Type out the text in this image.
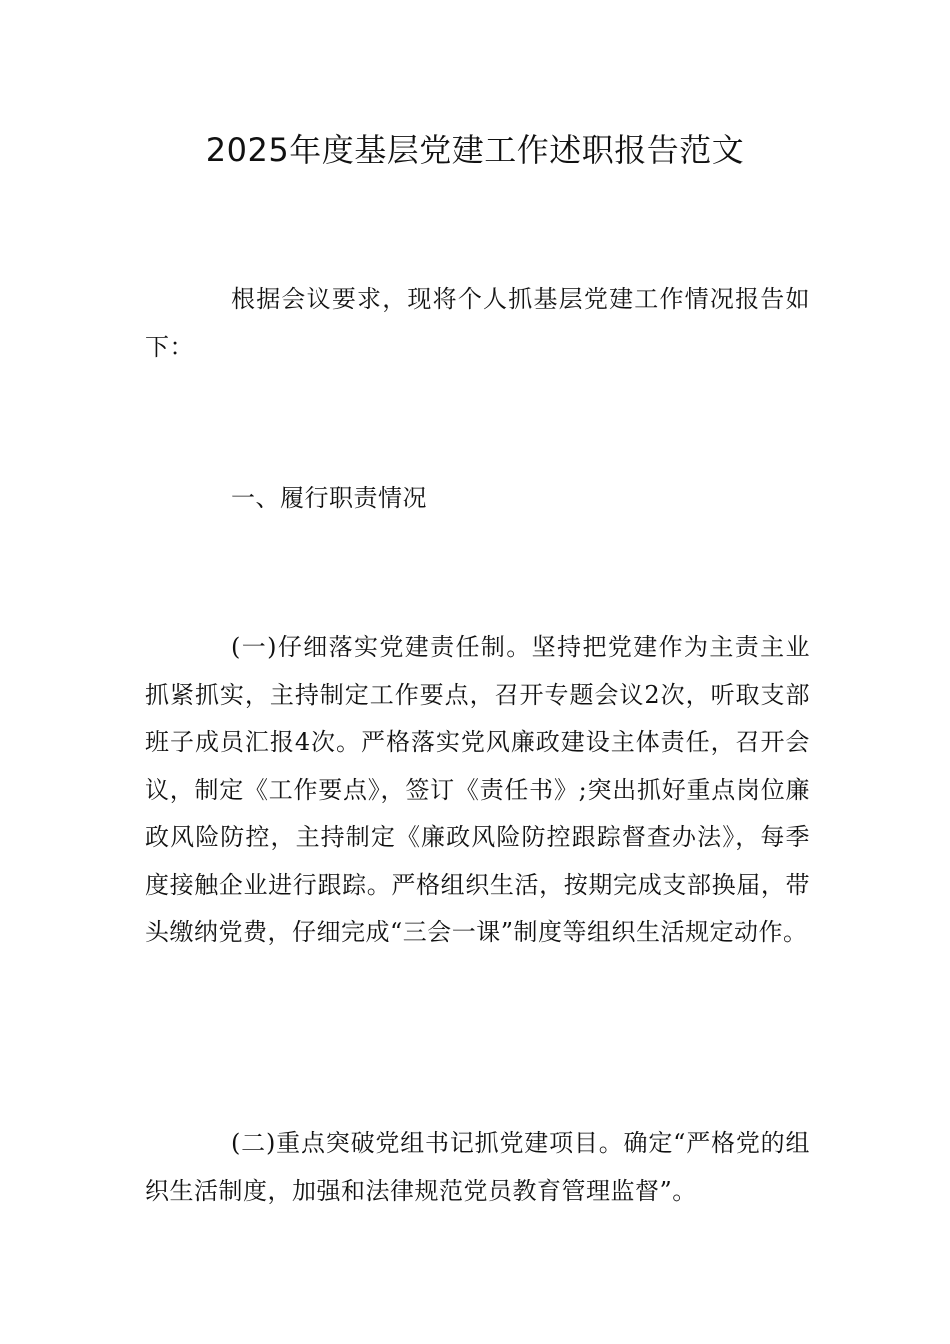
2025年度基层党建工作述职报告范文

根据会议要求，现将个人抓基层党建工作情况报告如下：

一、履行职责情况

(一)仔细落实党建责任制。坚持把党建作为主责主业抓紧抓实，主持制定工作要点，召开专题会议2次，听取支部班子成员汇报4次。严格落实党风廉政建设主体责任，召开会议，制定《工作要点》，签订《责任书》;突出抓好重点岗位廉政风险防控，主持制定《廉政风险防控跟踪督查办法》，每季度接触企业进行跟踪。严格组织生活，按期完成支部换届，带头缴纳党费，仔细完成“三会一课”制度等组织生活规定动作。

(二)重点突破党组书记抓党建项目。确定“严格党的组织生活制度，加强和法律规范党员教育管理监督”。
